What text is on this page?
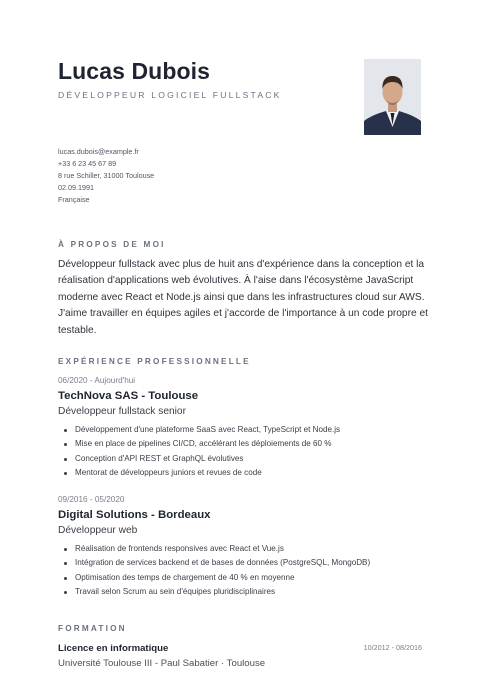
Lucas Dubois
DÉVELOPPEUR LOGICIEL FULLSTACK
lucas.dubois@example.fr
+33 6 23 45 67 89
8 rue Schiller, 31000 Toulouse
02.09.1991
Française
À PROPOS DE MOI
Développeur fullstack avec plus de huit ans d'expérience dans la conception et la réalisation d'applications web évolutives. À l'aise dans l'écosystème JavaScript moderne avec React et Node.js ainsi que dans les infrastructures cloud sur AWS. J'aime travailler en équipes agiles et j'accorde de l'importance à un code propre et testable.
EXPÉRIENCE PROFESSIONNELLE
06/2020 - Aujourd'hui
TechNova SAS - Toulouse
Développeur fullstack senior
Développement d'une plateforme SaaS avec React, TypeScript et Node.js
Mise en place de pipelines CI/CD, accélérant les déploiements de 60 %
Conception d'API REST et GraphQL évolutives
Mentorat de développeurs juniors et revues de code
09/2016 - 05/2020
Digital Solutions - Bordeaux
Développeur web
Réalisation de frontends responsives avec React et Vue.js
Intégration de services backend et de bases de données (PostgreSQL, MongoDB)
Optimisation des temps de chargement de 40 % en moyenne
Travail selon Scrum au sein d'équipes pluridisciplinaires
FORMATION
Licence en informatique	10/2012 - 08/2016
Université Toulouse III - Paul Sabatier · Toulouse
